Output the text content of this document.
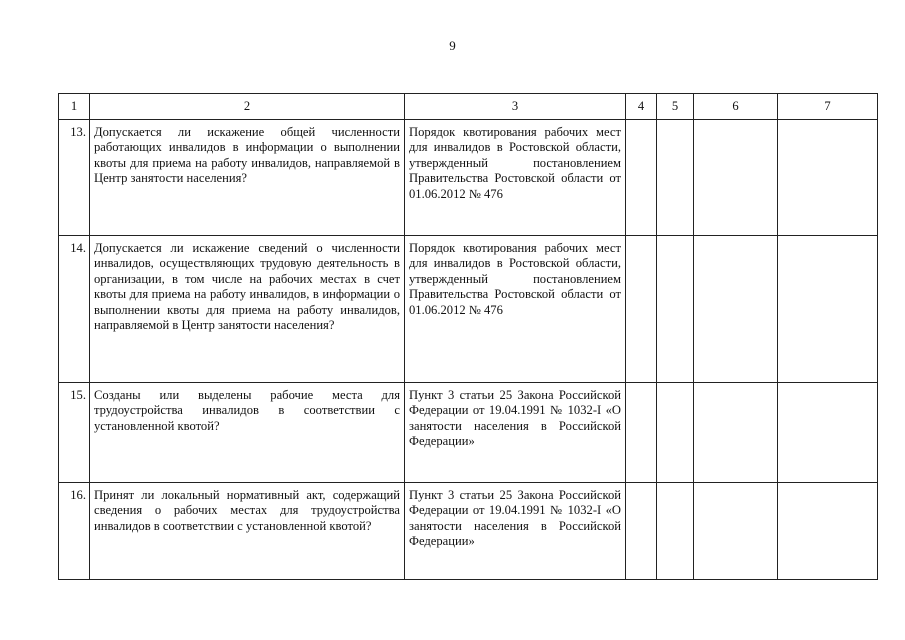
9
1	2	3	4	5	6	7
13.	Допускается ли искажение общей численности работающих инвалидов в информации о выполнении квоты для приема на работу инвалидов, направляемой в Центр занятости населения?	Порядок квотирования рабочих мест для инвалидов в Ростовской области, утвержденный постановлением Правительства Ростовской области от 01.06.2012 № 476				
14.	Допускается ли искажение сведений о численности инвалидов, осуществляющих трудовую деятельность в организации, в том числе на рабочих местах в счет квоты для приема на работу инвалидов, в информации о выполнении квоты для приема на работу инвалидов, направляемой в Центр занятости населения?	Порядок квотирования рабочих мест для инвалидов в Ростовской области, утвержденный постановлением Правительства Ростовской области от 01.06.2012 № 476				
15.	Созданы или выделены рабочие места для трудоустройства инвалидов в соответствии с установленной квотой?	Пункт 3 статьи 25 Закона Российской Федерации от 19.04.1991 № 1032-I «О занятости населения в Российской Федерации»				
16.	Принят ли локальный нормативный акт, содержащий сведения о рабочих местах для трудоустройства инвалидов в соответствии с установленной квотой?	Пункт 3 статьи 25 Закона Российской Федерации от 19.04.1991 № 1032-I «О занятости населения в Российской Федерации»				
